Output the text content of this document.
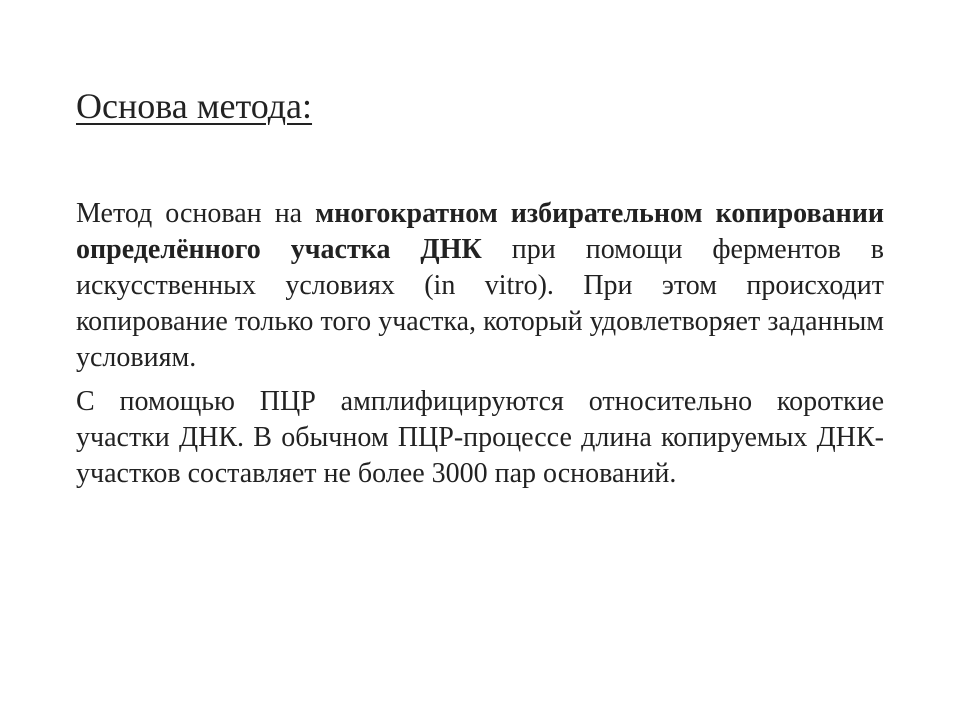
Основа метода:

Метод основан на многократном избирательном копировании определённого участка ДНК при помощи ферментов в искусственных условиях (in vitro). При этом происходит копирование только того участка, который удовлетворяет заданным условиям.

С помощью ПЦР амплифицируются относительно короткие участки ДНК. В обычном ПЦР-процессе длина копируемых ДНК-участков составляет не более 3000 пар оснований.
